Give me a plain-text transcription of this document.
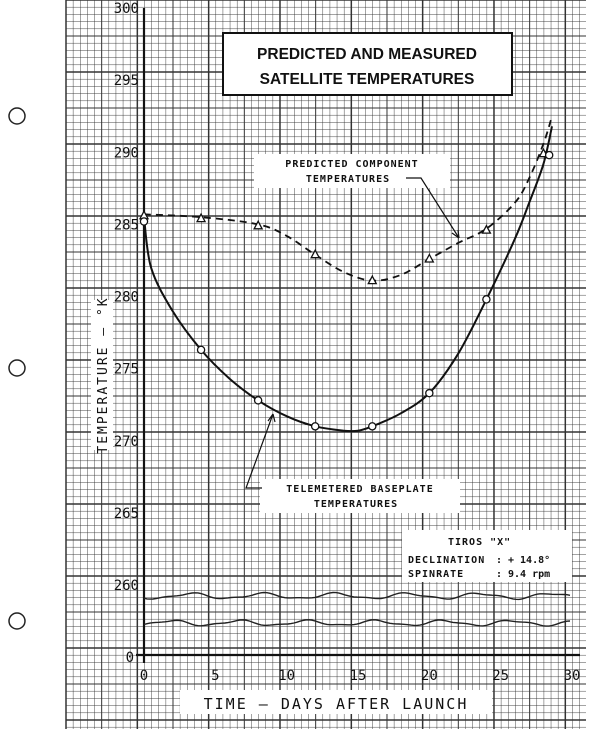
0	5	10	15	20	25	30
260
265
270
275
280
285
290
295
300
0
PREDICTED AND MEASURED
SATELLITE TEMPERATURES
PREDICTED COMPONENT
TEMPERATURES
TELEMETERED BASEPLATE
TEMPERATURES
TIROS "X"
DECLINATION : + 14.8°
SPINRATE	: 9.4 rpm
TIME – DAYS AFTER LAUNCH
TEMPERATURE – °K
